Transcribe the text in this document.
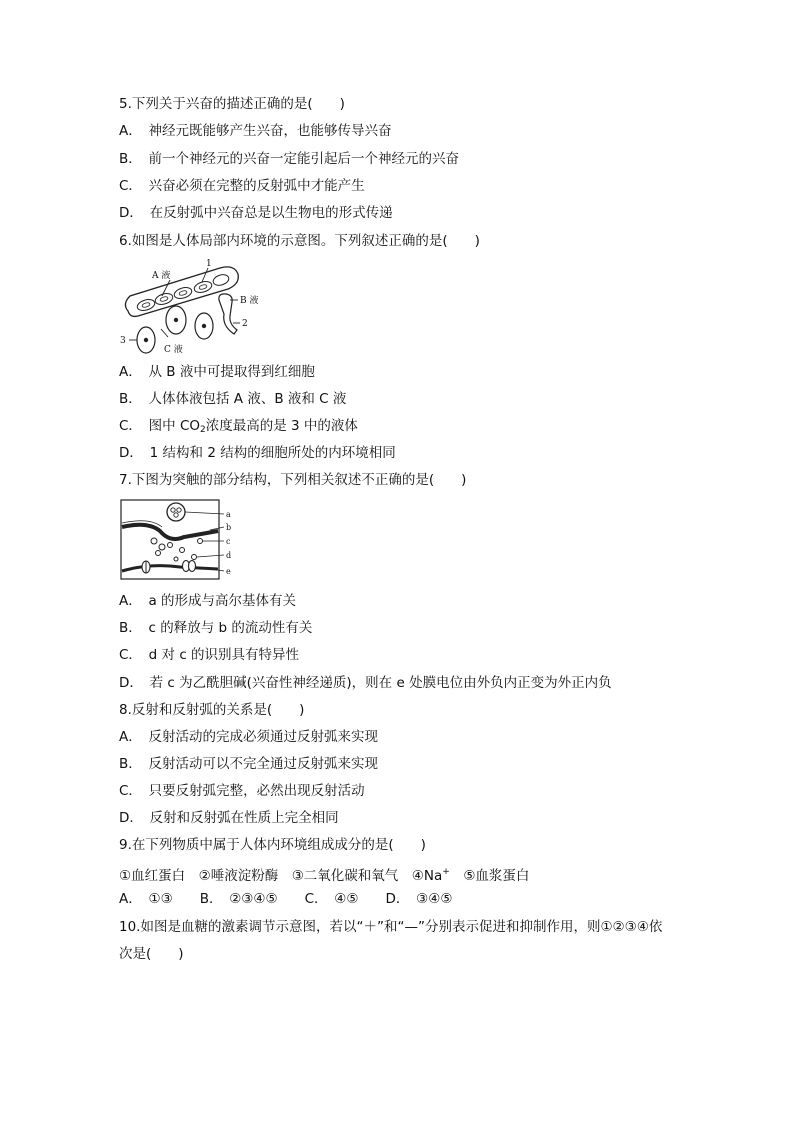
5.下列关于兴奋的描述正确的是(　　)
A．　神经元既能够产生兴奋，也能够传导兴奋
B．　前一个神经元的兴奋一定能引起后一个神经元的兴奋
C．　兴奋必须在完整的反射弧中才能产生
D．　在反射弧中兴奋总是以生物电的形式传递
6.如图是人体局部内环境的示意图。下列叙述正确的是(　　)
A 液
1
B 液
2
3
C 液
A．　从 B 液中可提取得到红细胞
B．　人体体液包括 A 液、B 液和 C 液
C．　图中 $CO_2$浓度最高的是 3 中的液体
D．　1 结构和 2 结构的细胞所处的内环境相同
7.下图为突触的部分结构，下列相关叙述不正确的是(　　)
a
b
c
d
e
A．　a 的形成与高尔基体有关
B．　c 的释放与 b 的流动性有关
C．　d 对 c 的识别具有特异性
D．　若 c 为乙酰胆碱(兴奋性神经递质)，则在 e 处膜电位由外负内正变为外正内负
8.反射和反射弧的关系是(　　)
A．　反射活动的完成必须通过反射弧来实现
B．　反射活动可以不完全通过反射弧来实现
C．　只要反射弧完整，必然出现反射活动
D．　反射和反射弧在性质上完全相同
9.在下列物质中属于人体内环境组成成分的是(　　)
①血红蛋白　②唾液淀粉酶　③二氧化碳和氧气　④Na+　⑤血浆蛋白
A．　①③　　B．　②③④⑤　　C．　④⑤　　D．　③④⑤
10.如图是血糖的激素调节示意图，若以“＋”和“—”分别表示促进和抑制作用，则①②③④依
次是(　　)
